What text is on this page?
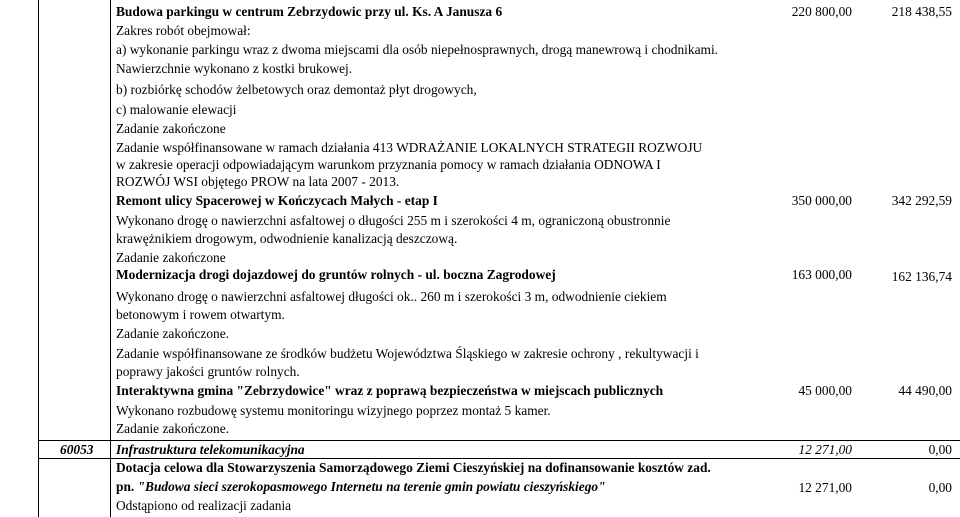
Budowa parkingu w centrum Zebrzydowic przy ul. Ks. A Janusza 6	220 800,00	218 438,55
Zakres robót obejmował:
a) wykonanie parkingu wraz z dwoma miejscami dla osób niepełnosprawnych, drogą manewrową i chodnikami.
Nawierzchnie wykonano z kostki brukowej.
b) rozbiórkę schodów żelbetowych oraz demontaż płyt drogowych,
c) malowanie elewacji
Zadanie zakończone
Zadanie współfinansowane w ramach działania 413 WDRAŻANIE LOKALNYCH STRATEGII ROZWOJU
w zakresie operacji odpowiadającym warunkom przyznania pomocy w ramach działania ODNOWA I
ROZWÓJ WSI objętego PROW na lata 2007 - 2013.
Remont ulicy Spacerowej w Kończycach Małych - etap I	350 000,00	342 292,59
Wykonano drogę o nawierzchni asfaltowej o długości 255 m i szerokości 4 m, ograniczoną obustronnie
krawężnikiem drogowym, odwodnienie kanalizacją deszczową.
Zadanie zakończone
Modernizacja drogi dojazdowej do gruntów rolnych - ul. boczna Zagrodowej	163 000,00	162 136,74
Wykonano drogę o nawierzchni asfaltowej długości ok.. 260 m i szerokości 3 m, odwodnienie ciekiem
betonowym i rowem otwartym.
Zadanie zakończone.
Zadanie współfinansowane ze środków budżetu Województwa Śląskiego w zakresie ochrony , rekultywacji i
poprawy jakości gruntów rolnych.
Interaktywna gmina "Zebrzydowice" wraz z poprawą bezpieczeństwa w miejscach publicznych	45 000,00	44 490,00
Wykonano rozbudowę systemu monitoringu wizyjnego poprzez montaż 5 kamer.
Zadanie zakończone.
60053 Infrastruktura telekomunikacyjna	12 271,00	0,00
Dotacja celowa dla Stowarzyszenia Samorządowego Ziemi Cieszyńskiej na dofinansowanie kosztów zad.
pn. "Budowa sieci szerokopasmowego Internetu na terenie gmin powiatu cieszyńskiego"	12 271,00	0,00
Odstąpiono od realizacji zadania
